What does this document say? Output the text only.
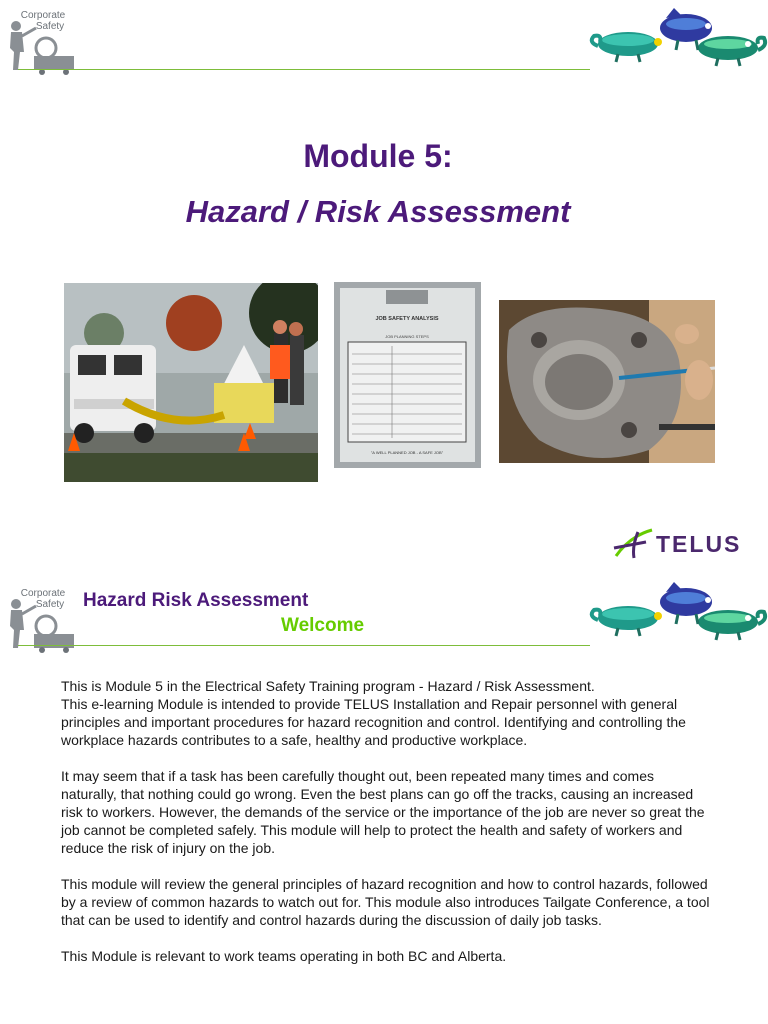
Corporate
Safety
Module 5:
Hazard / Risk Assessment
JOB SAFETY ANALYSIS
JOB PLANNING STEPS
"A WELL PLANNED JOB - A SAFE JOB"
TELUS
Corporate
Safety Hazard Risk Assessment
Welcome

This is Module 5 in the Electrical Safety Training program - Hazard / Risk Assessment.
This e-learning Module is intended to provide TELUS Installation and Repair personnel with general principles and important procedures for hazard recognition and control. Identifying and controlling the workplace hazards contributes to a safe, healthy and productive workplace.

It may seem that if a task has been carefully thought out, been repeated many times and comes naturally, that nothing could go wrong. Even the best plans can go off the tracks, causing an increased risk to workers. However, the demands of the service or the importance of the job are never so great the job cannot be completed safely. This module will help to protect the health and safety of workers and reduce the risk of injury on the job.

This module will review the general principles of hazard recognition and how to control hazards, followed by a review of common hazards to watch out for. This module also introduces Tailgate Conference, a tool that can be used to identify and control hazards during the discussion of daily job tasks.

This Module is relevant to work teams operating in both BC and Alberta.
